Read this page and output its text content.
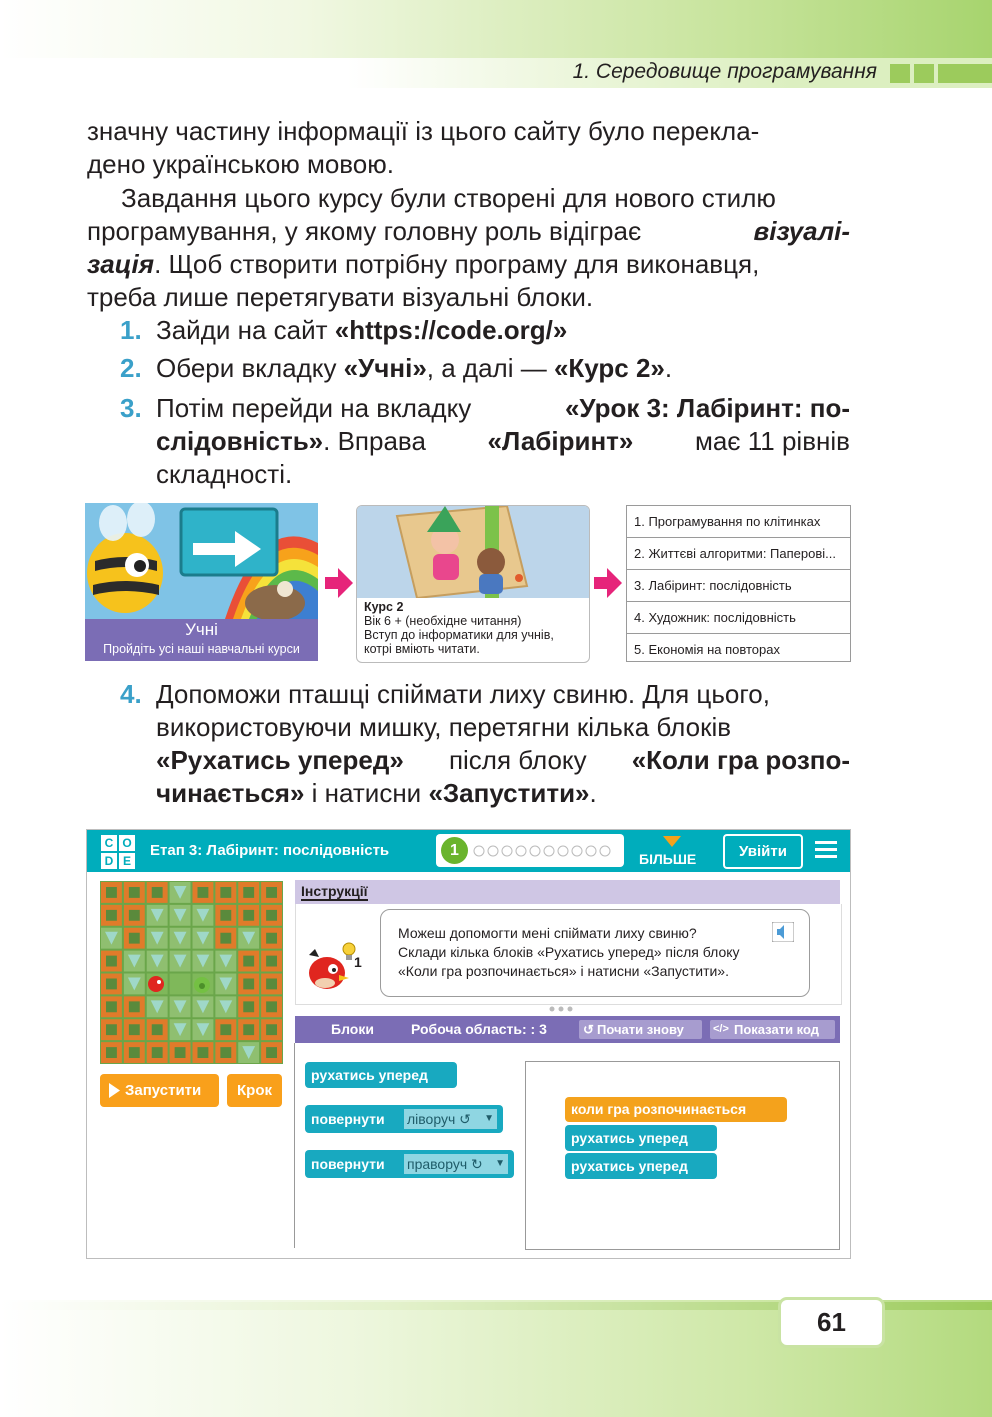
1. Середовище програмування
значну частину інформації із цього сайту було перекла-
дено українською мовою.
Завдання цього курсу були створені для нового стилю
програмування, у якому головну роль відіграє	візуалі-
зація. Щоб створити потрібну програму для виконавця,
треба лише перетягувати візуальні блоки.
1. Зайди на сайт «https://code.org/»
2. Обери вкладку «Учні», а далі — «Курс 2».
3. Потім перейди на вкладку	«Урок 3: Лабіринт: по-
слідовність». Вправа «Лабіринт» має 11 рівнів
складності.
Учні
Пройдіть усі наші навчальні курси
Курс 2
Вік 6 + (необхідне читання)
Вступ до інформатики для учнів,
котрі вміють читати.
1. Програмування по клітинках
2. Життєві алгоритми: Паперові...
3. Лабіринт: послідовність
4. Художник: послідовність
5. Економія на повторах
4. Допоможи пташці спіймати лиху свиню. Для цього,
використовуючи мишку, перетягни кілька блоків
«Рухатись уперед» після блоку «Коли гра розпо-
чинається» і натисни «Запустити».
C O
D E
Етап 3: Лабіринт: послідовність	1	БІЛЬШЕ	Увійти
Запустити	Крок
Інструкції
1
Можеш допомогти мені спіймати лиху свиню?
Склади кілька блоків «Рухатись уперед» після блоку
«Коли гра розпочинається» і натисни «Запустити».
Блоки	Робоча область: : 3	↺ Почати знову	</> Показати код
рухатись уперед
повернути ліворуч ↺ ▼
повернути праворуч ↻ ▼
коли гра розпочинається
рухатись уперед
рухатись уперед
61
